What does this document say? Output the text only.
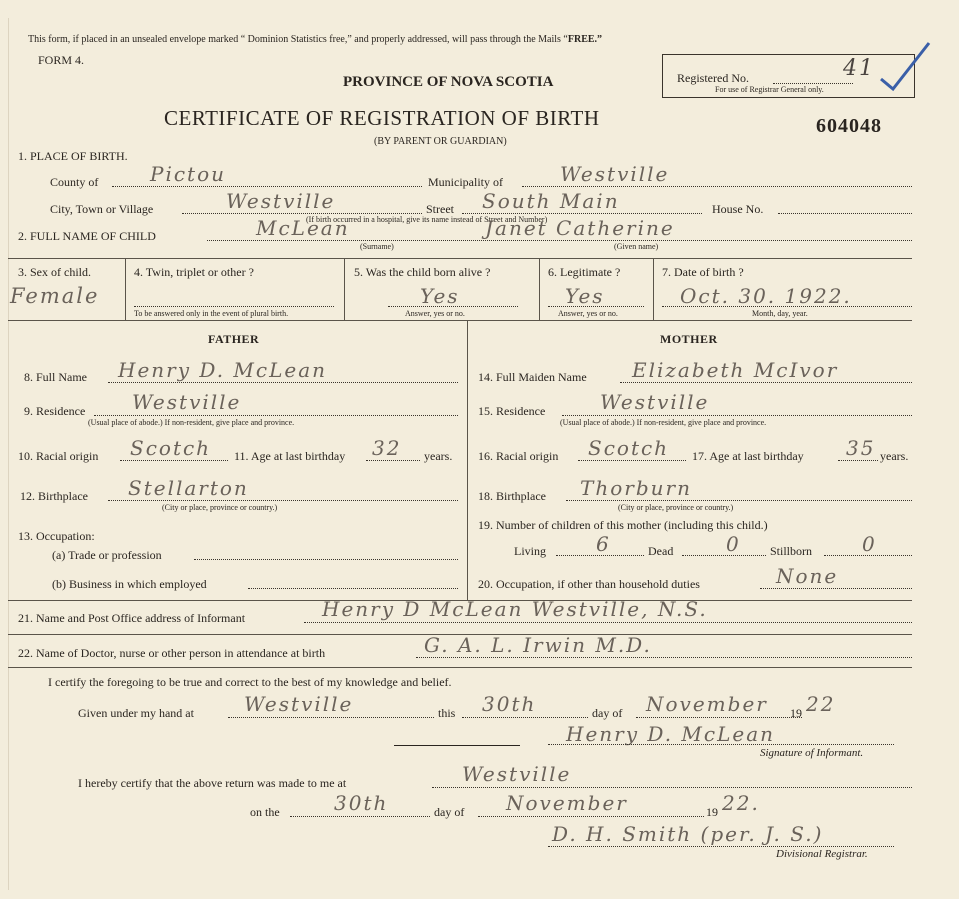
This form, if placed in an unsealed envelope marked “ Dominion Statistics free,” and properly addressed, will pass through the Mails “FREE.”
FORM 4.
PROVINCE OF NOVA SCOTIA	Registered No.	41
For use of Registrar General only.
CERTIFICATE OF REGISTRATION OF BIRTH	604048
(BY PARENT OR GUARDIAN)
1. PLACE OF BIRTH.
County of	Pictou	Municipality of	Westville
City, Town or Village	Westville	Street South Main	House No.
(If birth occurred in a hospital, give its name instead of Street and Number)
2. FULL NAME OF CHILD	McLean	Janet Catherine
(Surname)	(Given name)
3. Sex of child.
Female
4. Twin, triplet or other ?
To be answered only in the event of plural birth.
5. Was the child born alive ?
Yes
Answer, yes or no.
6. Legitimate ?
Yes
Answer, yes or no.
7. Date of birth ?
Oct. 30. 1922.
Month, day, year.
FATHER	MOTHER
8. Full Name Henry D. McLean
9. Residence Westville
(Usual place of abode.) If non-resident, give place and province.
10. Racial origin Scotch 11. Age at last birthday 32 years.
12. Birthplace Stellarton
(City or place, province or country.)
13. Occupation:
(a) Trade or profession
(b) Business in which employed
14. Full Maiden Name Elizabeth McIvor
15. Residence	Westville
(Usual place of abode.) If non-resident, give place and province.
16. Racial origin Scotch 17. Age at last birthday 35 years.
18. Birthplace Thorburn
(City or place, province or country.)
19. Number of children of this mother (including this child.)
Living	6	Dead	0 Stillborn 0
20. Occupation, if other than household duties	None
21. Name and Post Office address of Informant	Henry D McLean Westville, N.S.
22. Name of Doctor, nurse or other person in attendance at birth	G. A. L. Irwin M.D.
I certify the foregoing to be true and correct to the best of my knowledge and belief.
Given under my hand at	Westville	this 30th	day of November 19 22
Henry D. McLean
Signature of Informant.
I hereby certify that the above return was made to me at	Westville
on the	30th	day of November	19 22.
D. H. Smith (per. J. S.)
Divisional Registrar.
